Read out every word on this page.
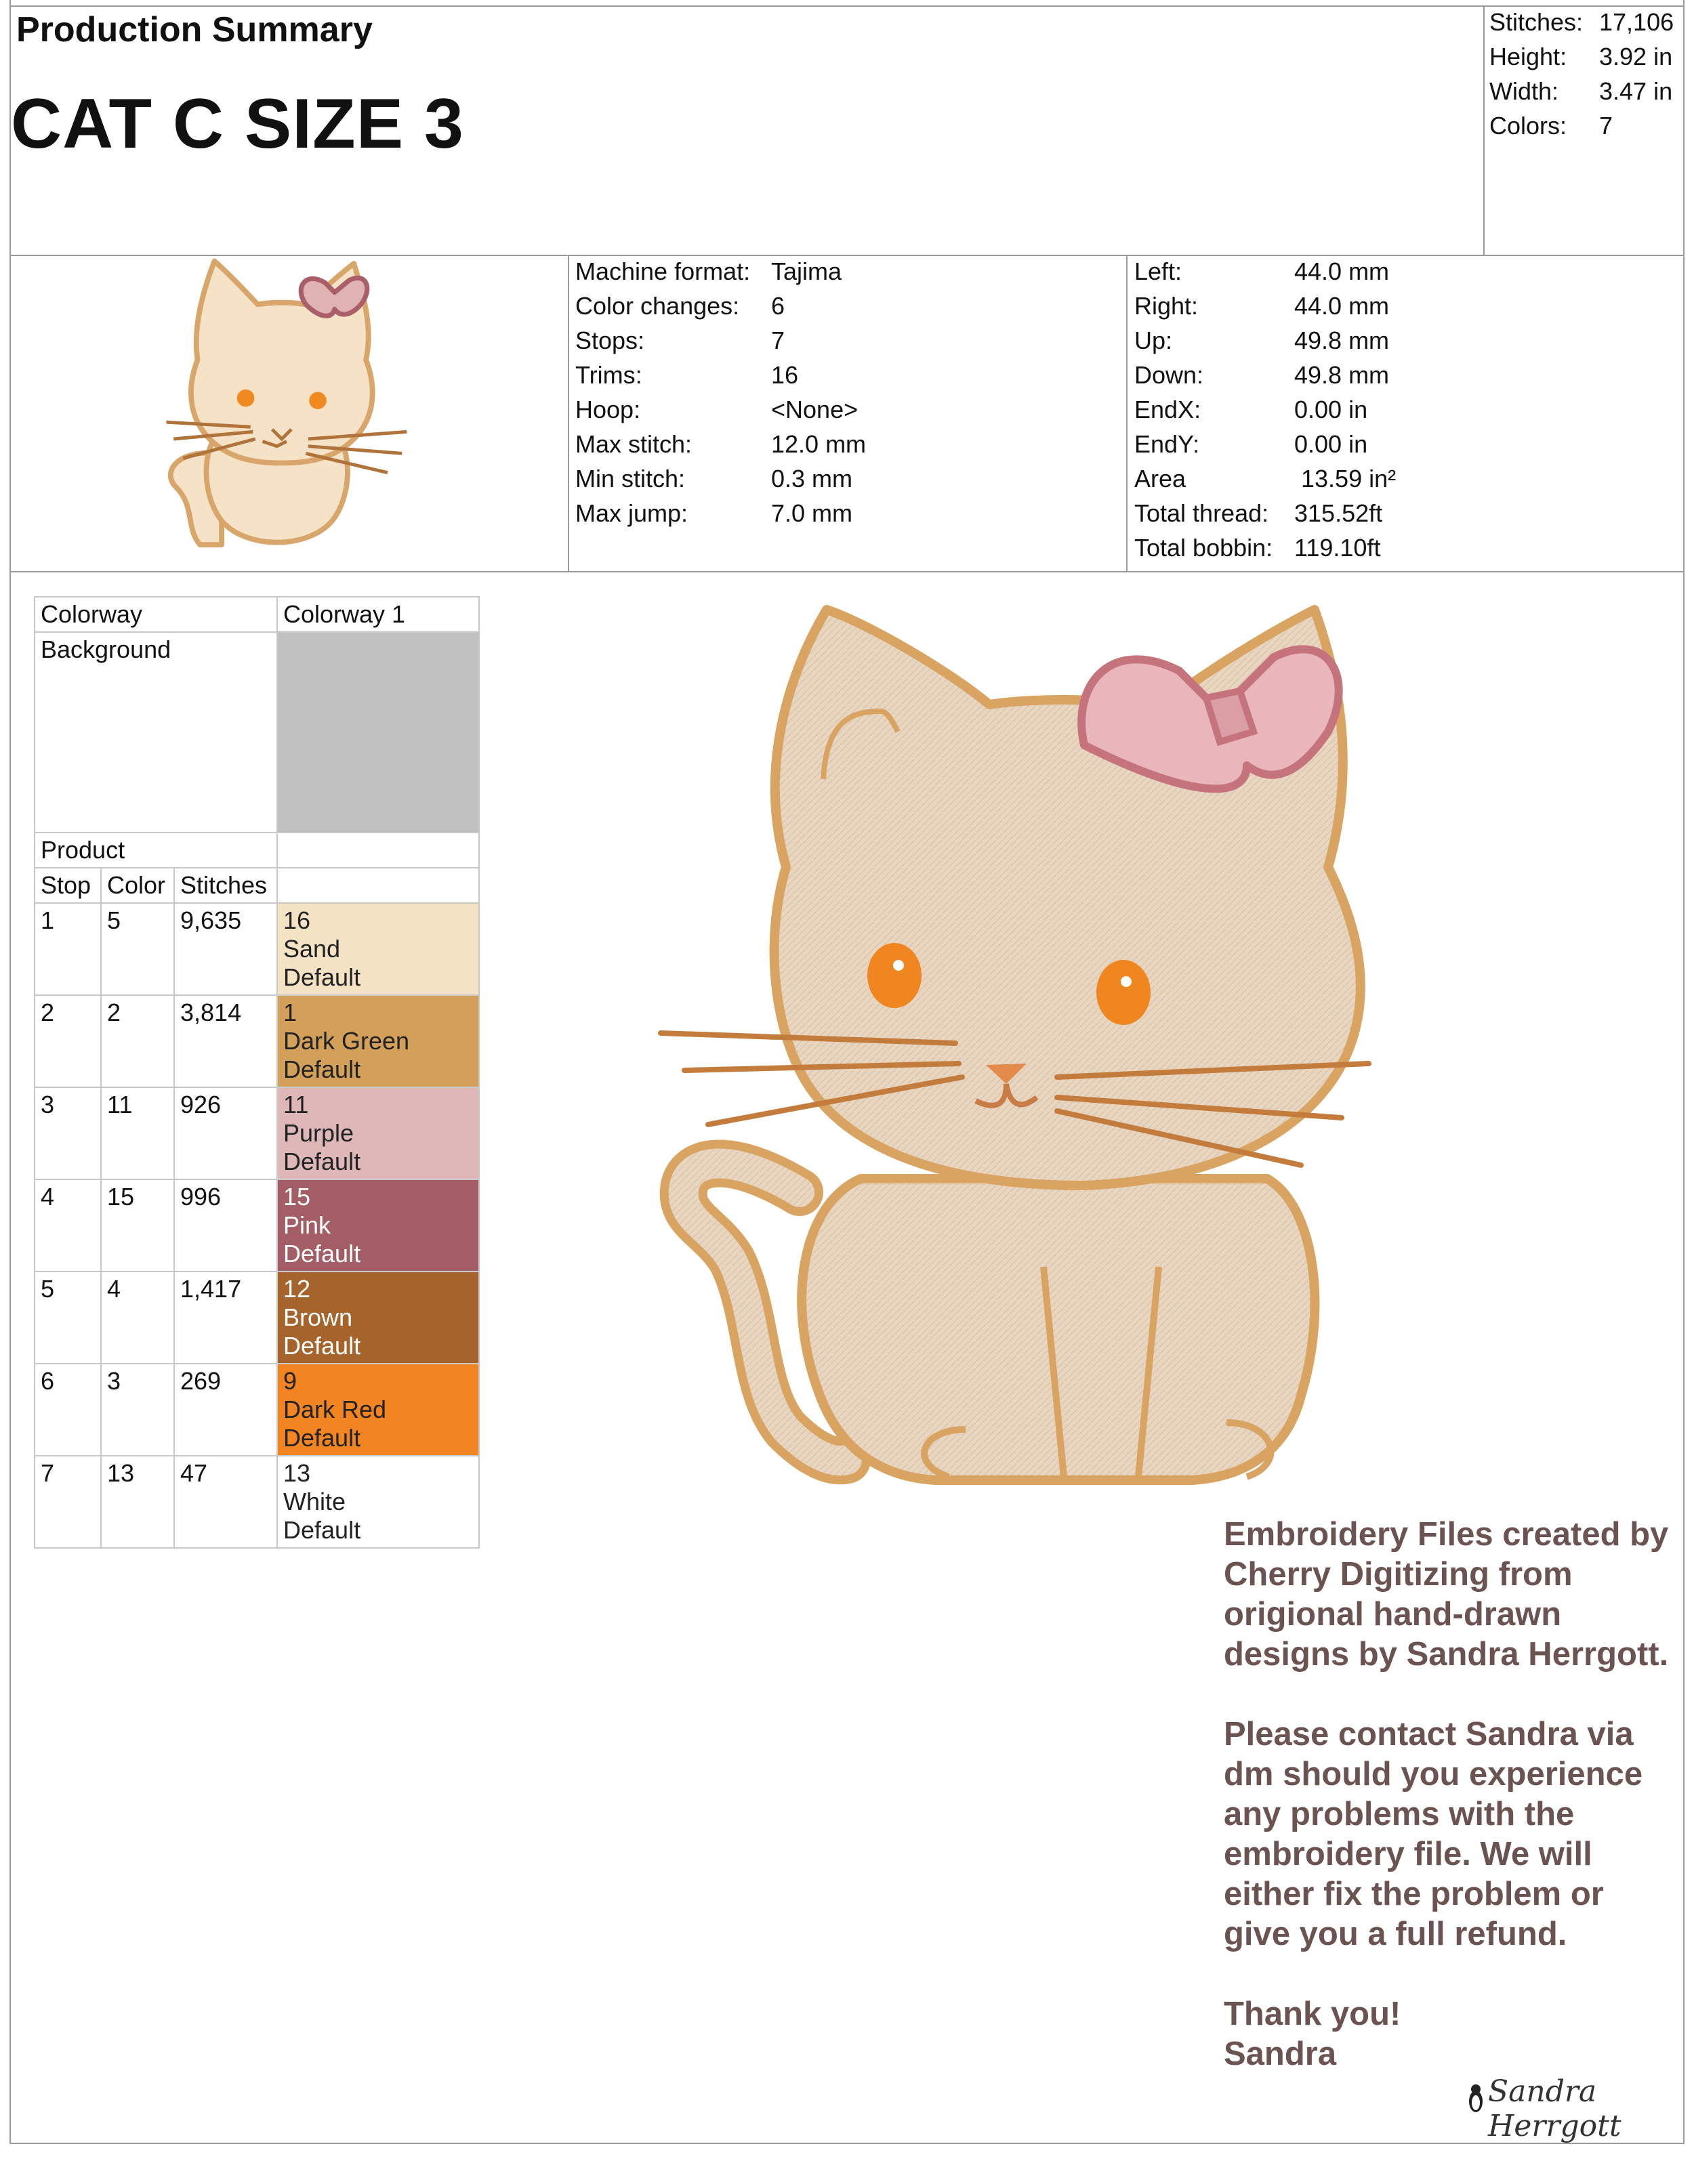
Production Summary
CAT C SIZE 3
Stitches: 17,106
Height: 3.92 in
Width: 3.47 in
Colors: 7
Machine format: Tajima
Color changes: 6
Stops:	7
Trims:	16
Hoop:	<None>
Max stitch:	12.0 mm
Min stitch:	0.3 mm
Max jump:	7.0 mm
Left:	44.0 mm
Right:	44.0 mm
Up:	49.8 mm
Down:	49.8 mm
EndX:	0.00 in
EndY:	0.00 in
Area	13.59 in²
Total thread: 315.52ft
Total bobbin: 119.10ft
Colorway			Colorway 1
Background			
Product			
Stop	Color	Stitches	
1	5	9,635	16
Sand
Default

2	2	3,814	1
Dark Green
Default

3	11	926	11
Purple
Default

4	15	996	15
Pink
Default

5	4	1,417	12
Brown
Default

6	3	269	9
Dark Red
Default

7	13	47	13
White
Default	Embroidery Files created by Cherry Digitizing from origional hand-drawn designs by Sandra Herrgott.

Please contact Sandra via dm should you experience any problems with the embroidery file. We will either fix the problem or give you a full refund.

Thank you!
Sandra
Sandra Herrgott
